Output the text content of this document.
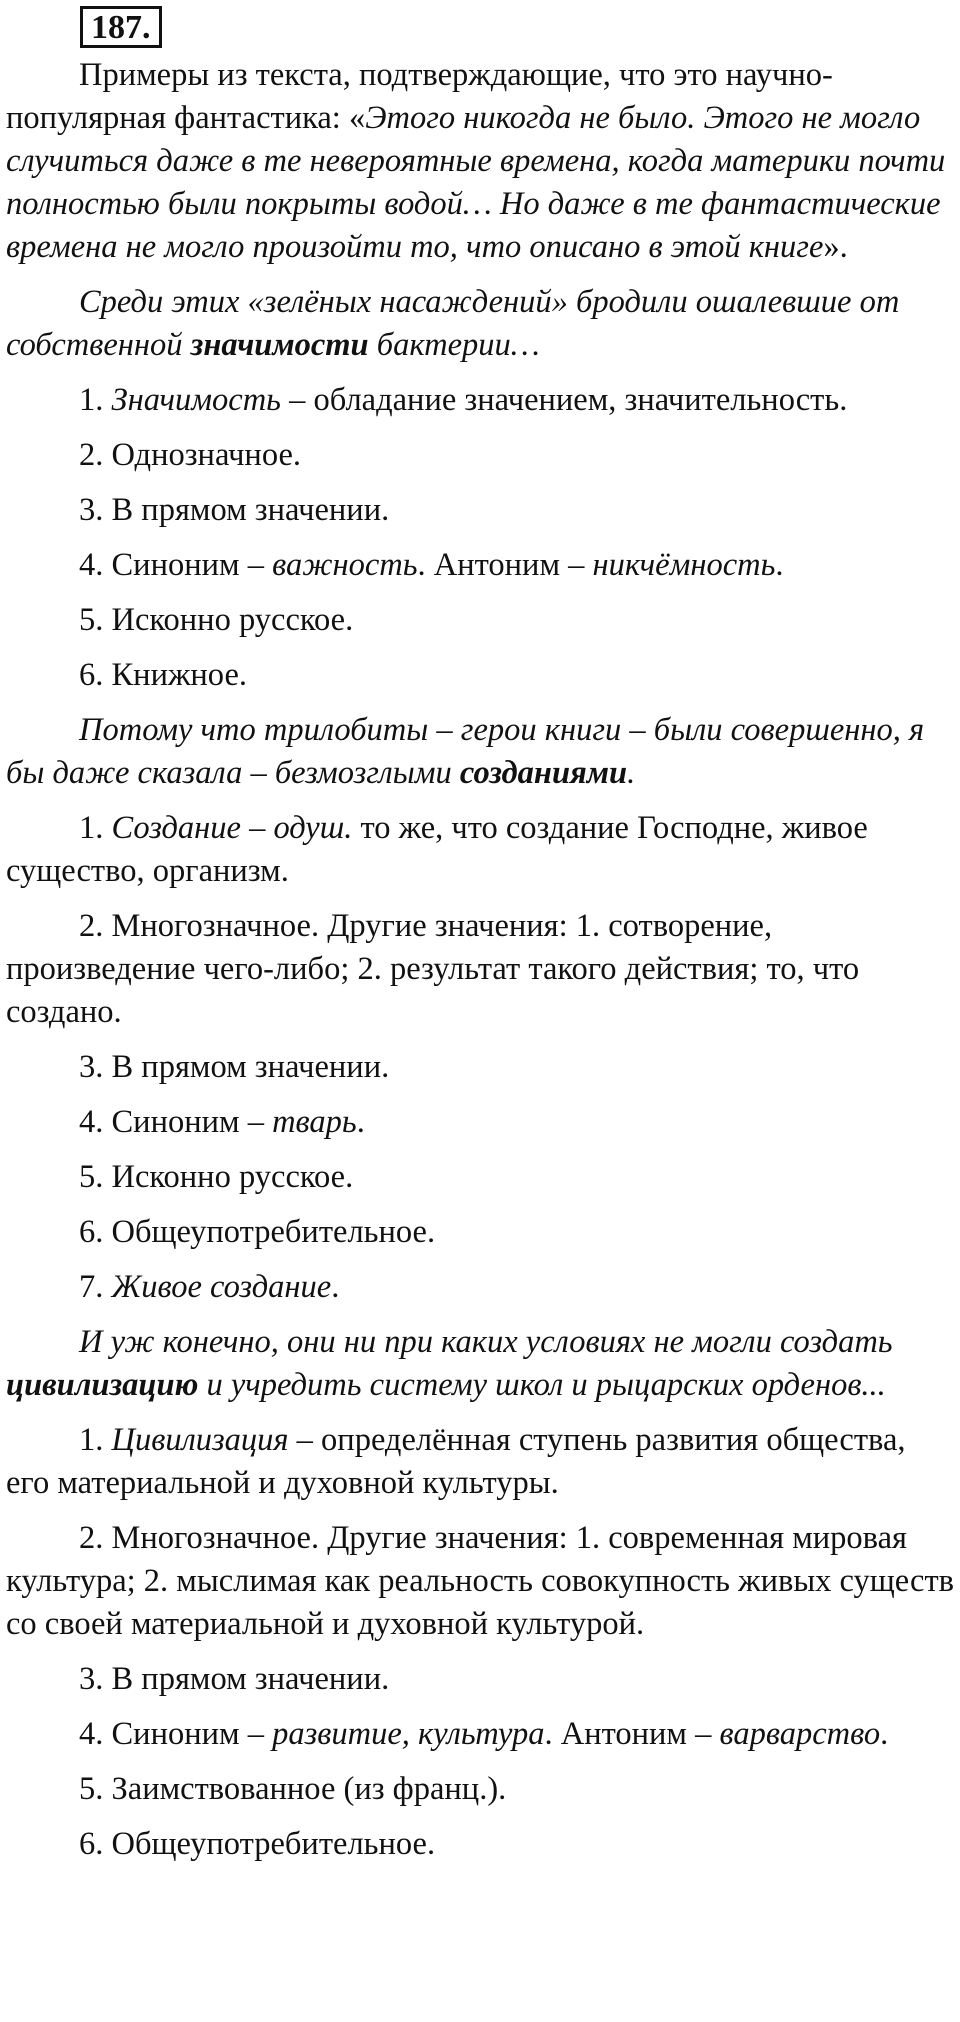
187.

Примеры из текста, подтверждающие, что это научно-популярная фантастика: «Этого никогда не было. Этого не могло случиться даже в те невероятные времена, когда материки почти полностью были покрыты водой… Но даже в те фантастические времена не могло произойти то, что описано в этой книге».

Среди этих «зелёных насаждений» бродили ошалевшие от собственной значимости бактерии…

1. Значимость – обладание значением, значительность.

2. Однозначное.

3. В прямом значении.

4. Синоним – важность. Антоним – никчёмность.

5. Исконно русское.

6. Книжное.

Потому что трилобиты – герои книги – были совершенно, я бы даже сказала – безмозглыми созданиями.

1. Создание – одуш. то же, что создание Господне, живое существо, организм.

2. Многозначное. Другие значения: 1. сотворение, произведение чего-либо; 2. результат такого действия; то, что создано.

3. В прямом значении.

4. Синоним – тварь.

5. Исконно русское.

6. Общеупотребительное.

7. Живое создание.

И уж конечно, они ни при каких условиях не могли создать цивилизацию и учредить систему школ и рыцарских орденов...

1. Цивилизация – определённая ступень развития общества, его материальной и духовной культуры.

2. Многозначное. Другие значения: 1. современная мировая культура; 2. мыслимая как реальность совокупность живых существ со своей материальной и духовной культурой.

3. В прямом значении.

4. Синоним – развитие, культура. Антоним – варварство.

5. Заимствованное (из франц.).

6. Общеупотребительное.
